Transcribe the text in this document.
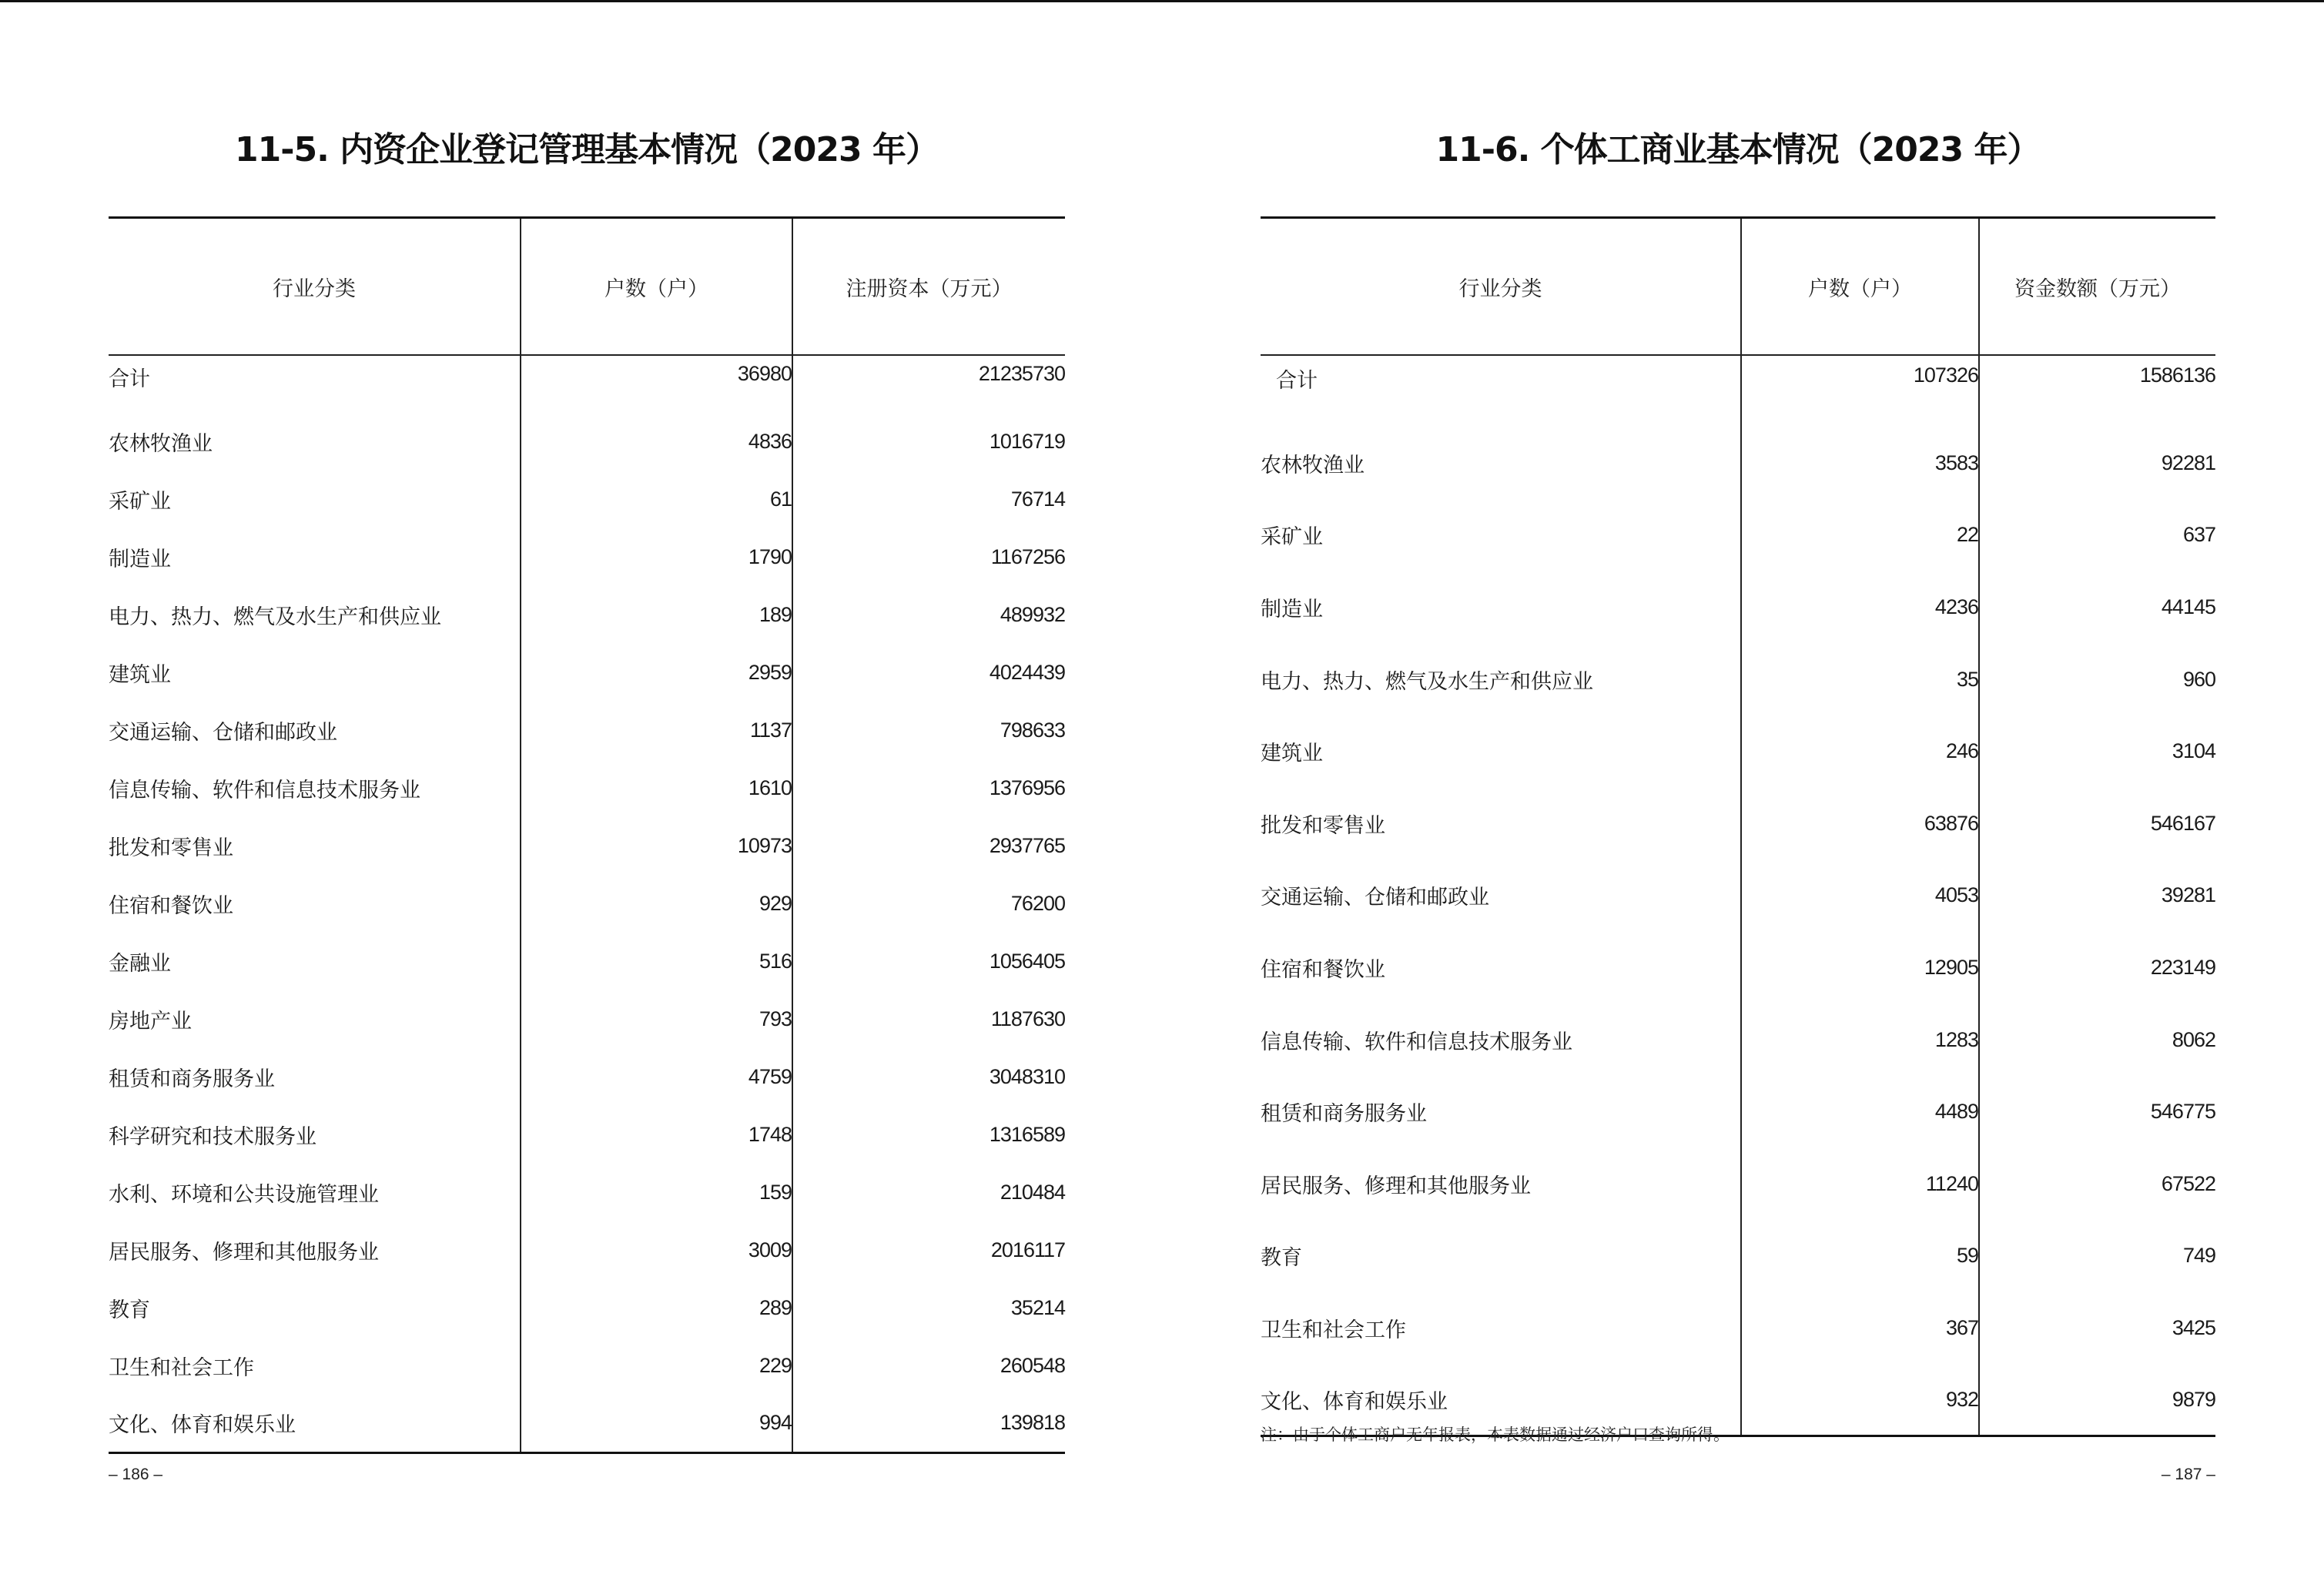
11-5. 内资企业登记管理基本情况（2023 年）
行业分类	户数（户）	注册资本（万元）
合计	36980	21235730
农林牧渔业	4836	1016719
采矿业	61	76714
制造业	1790	1167256
电力、热力、燃气及水生产和供应业	189	489932
建筑业	2959	4024439
交通运输、仓储和邮政业	1137	798633
信息传输、软件和信息技术服务业	1610	1376956
批发和零售业	10973	2937765
住宿和餐饮业	929	76200
金融业	516	1056405
房地产业	793	1187630
租赁和商务服务业	4759	3048310
科学研究和技术服务业	1748	1316589
水利、环境和公共设施管理业	159	210484
居民服务、修理和其他服务业	3009	2016117
教育	289	35214
卫生和社会工作	229	260548
文化、体育和娱乐业	994	139818
– 186 –
11-6. 个体工商业基本情况（2023 年）
行业分类	户数（户）	资金数额（万元）
合计	107326	1586136
农林牧渔业	3583	92281
采矿业	22	637
制造业	4236	44145
电力、热力、燃气及水生产和供应业	35	960
建筑业	246	3104
批发和零售业	63876	546167
交通运输、仓储和邮政业	4053	39281
住宿和餐饮业	12905	223149
信息传输、软件和信息技术服务业	1283	8062
租赁和商务服务业	4489	546775
居民服务、修理和其他服务业	11240	67522
教育	59	749
卫生和社会工作	367	3425
文化、体育和娱乐业	932	9879
注：由于个体工商户无年报表，本表数据通过经济户口查询所得。
– 187 –
